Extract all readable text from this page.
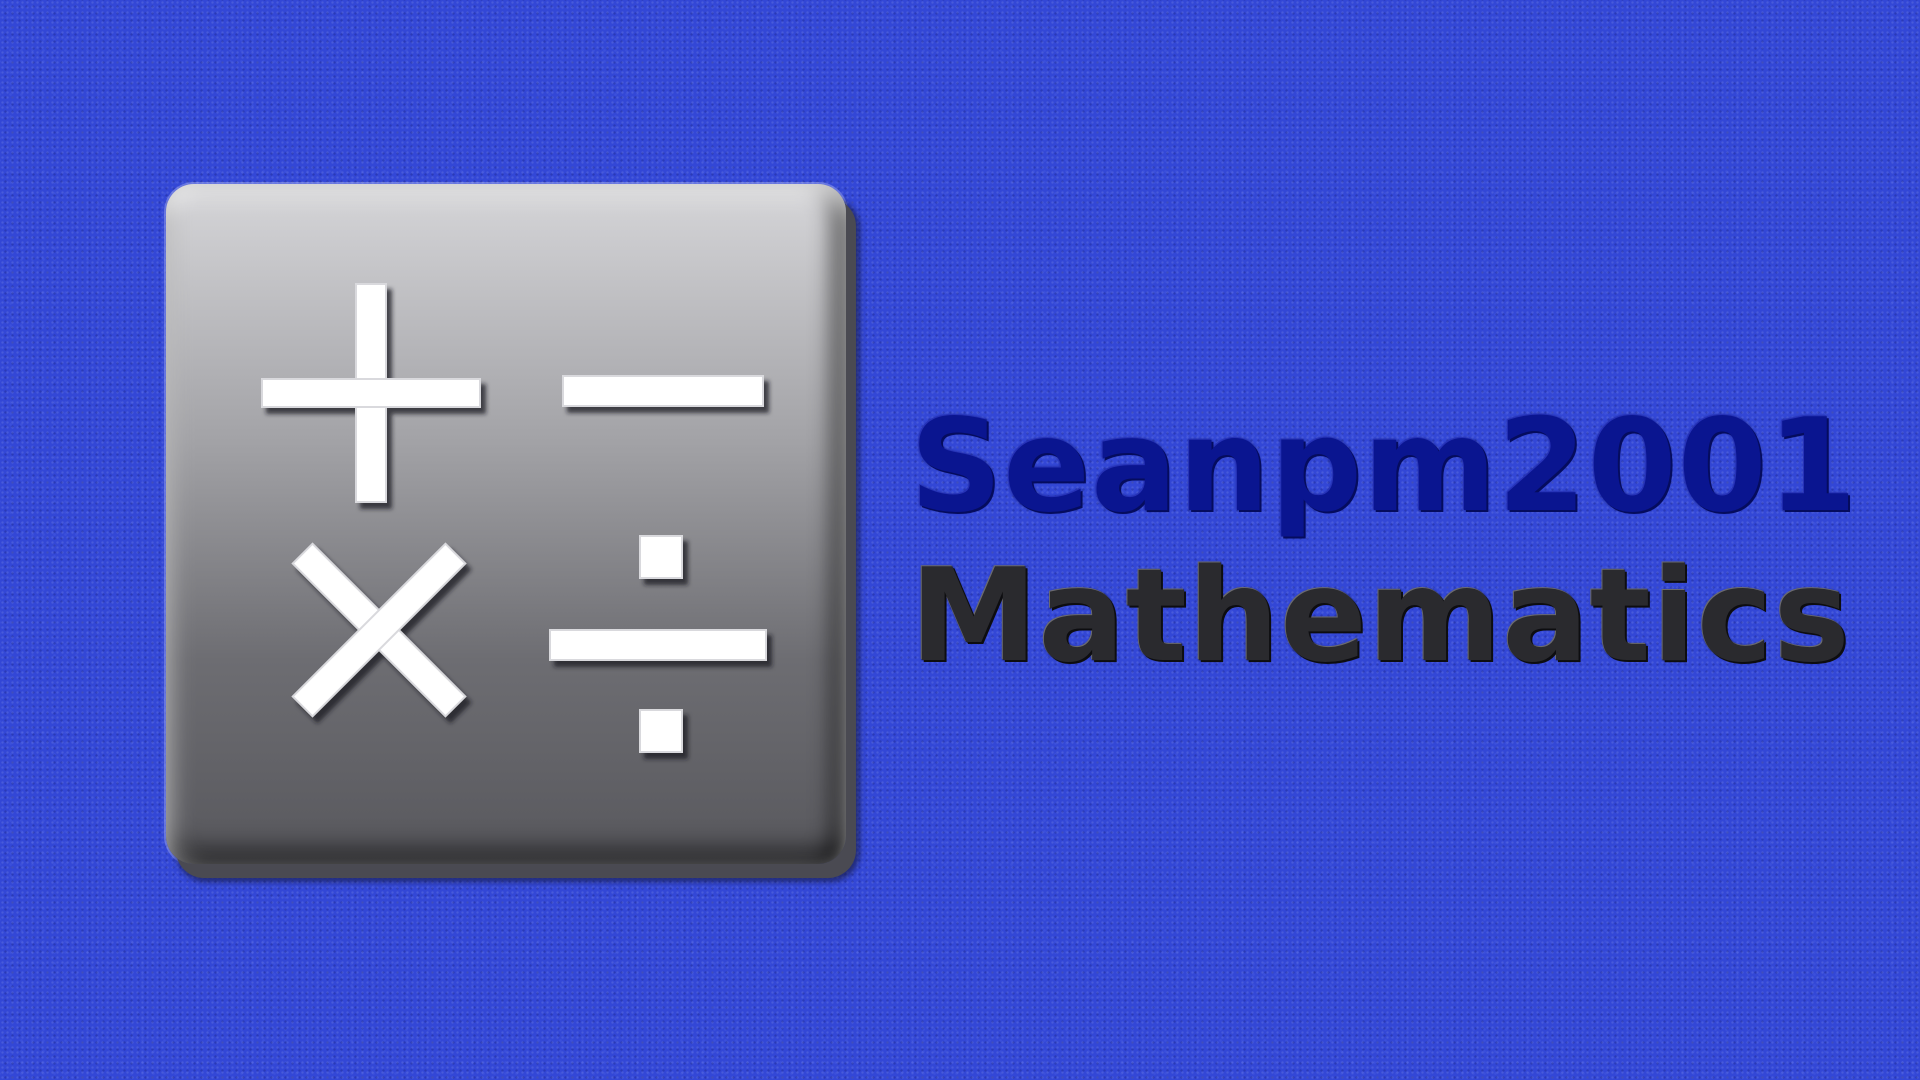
Seanpm2001
Mathematics
